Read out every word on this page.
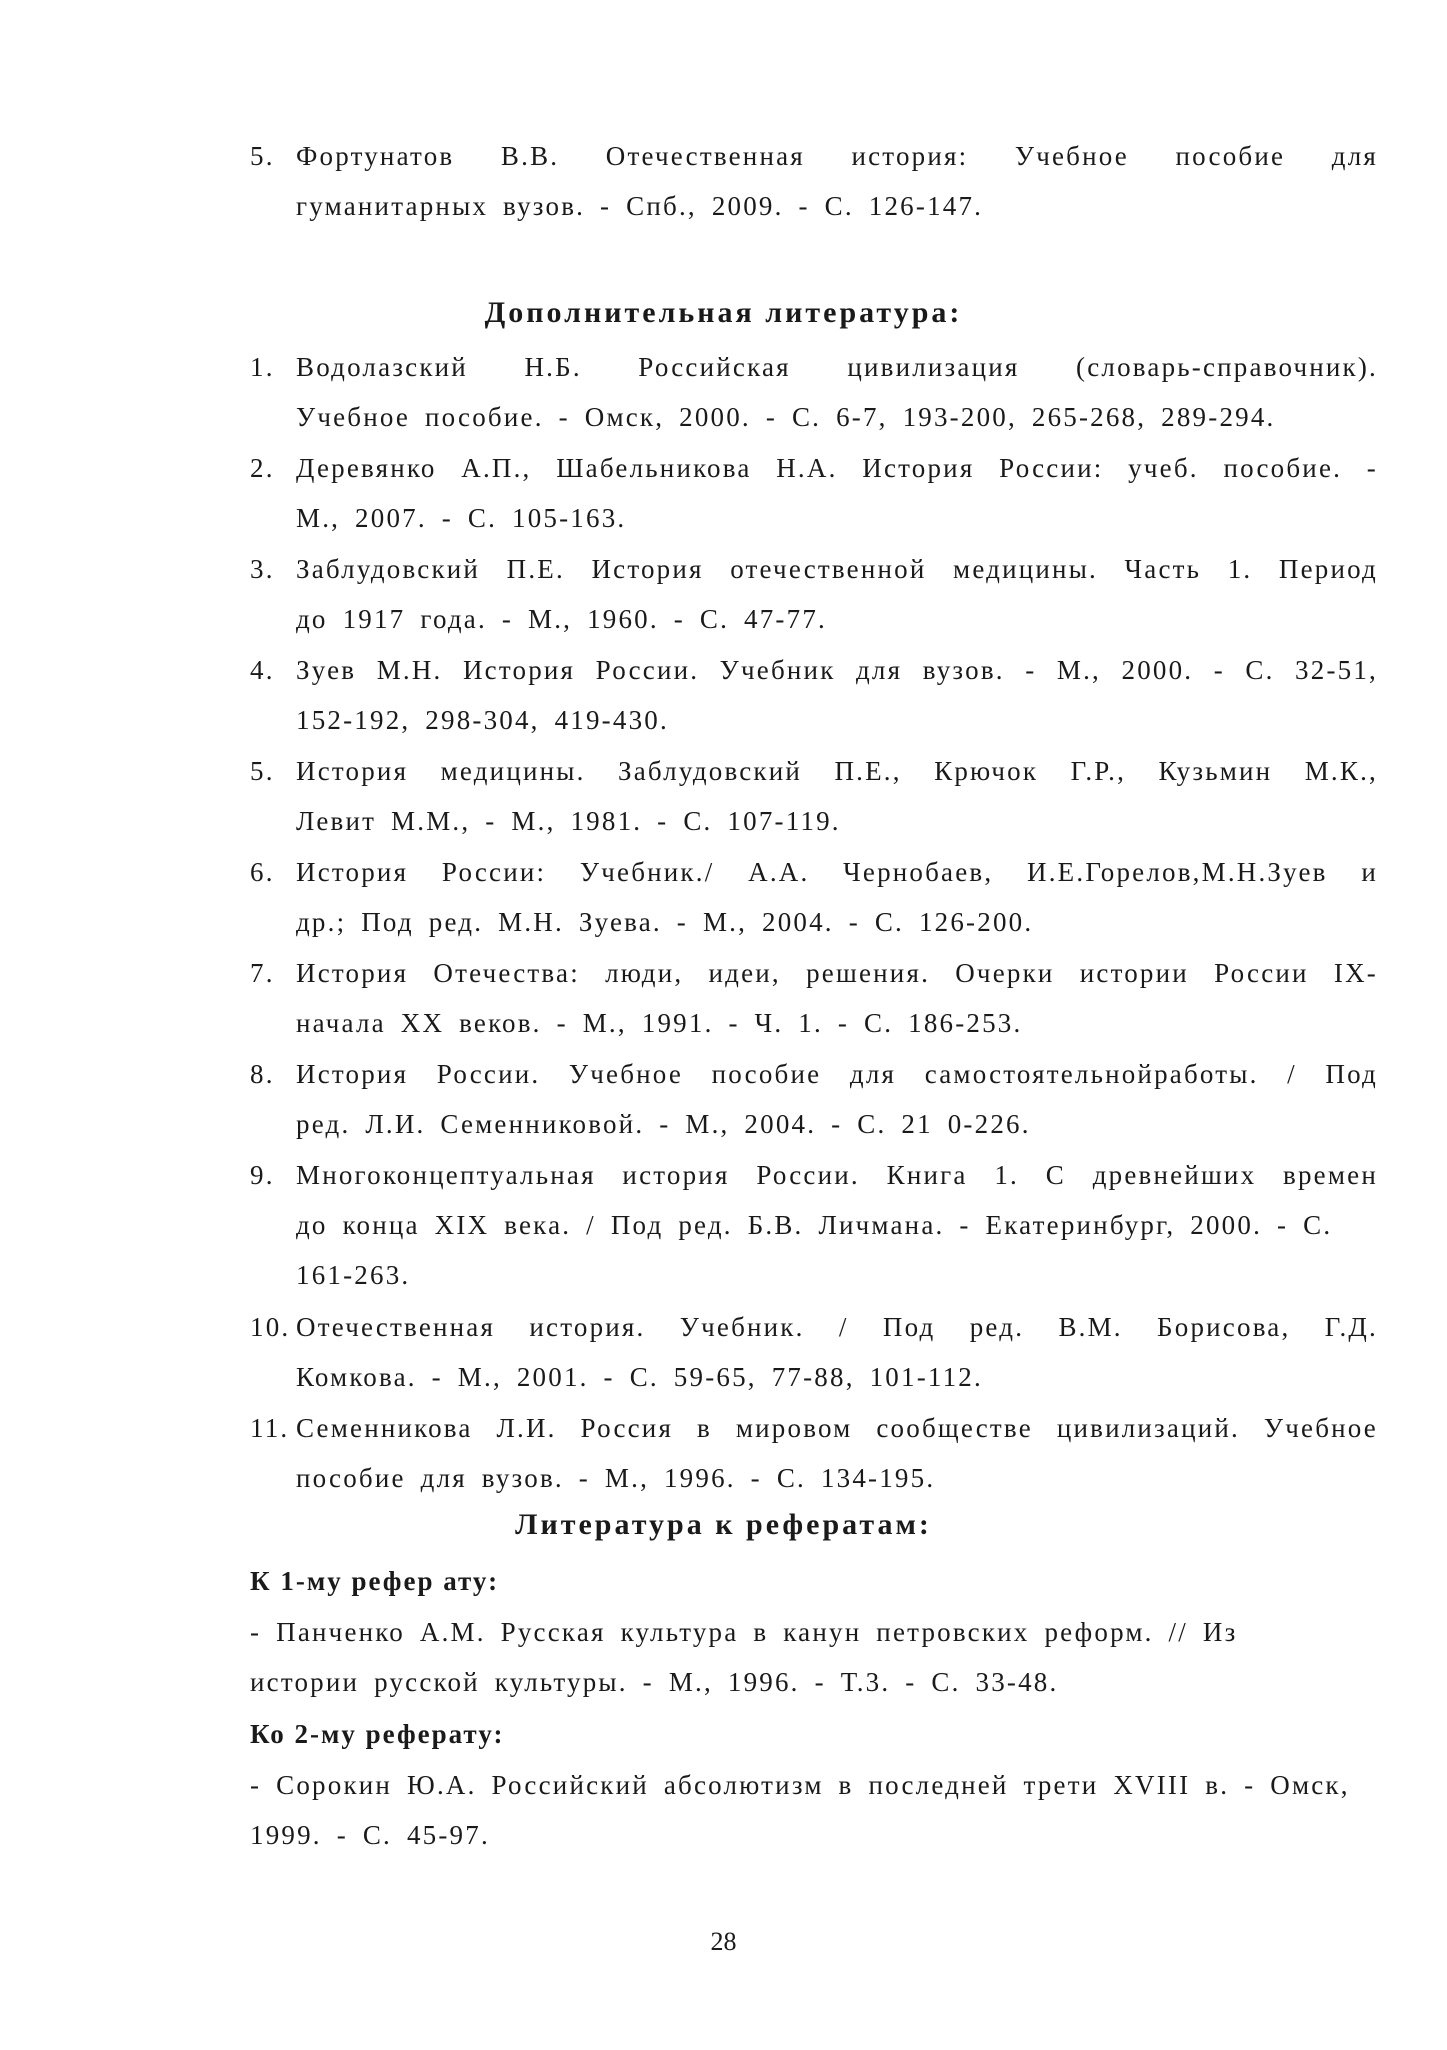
5. Фортунатов В.В. Отечественная история: Учебное пособие для
гуманитарных вузов. - Спб., 2009. - С. 126-147.
Дополнительная литература:
1. Водолазский Н.Б. Российская цивилизация (словарь-справочник).
Учебное пособие. - Омск, 2000. - С. 6-7, 193-200, 265-268, 289-294.
2. Деревянко А.П., Шабельникова Н.А. История России: учеб. пособие. -
М., 2007. - С. 105-163.
3. Заблудовский П.Е. История отечественной медицины. Часть 1. Период
до 1917 года. - М., 1960. - С. 47-77.
4. Зуев М.Н. История России. Учебник для вузов. - М., 2000. - С. 32-51,
152-192, 298-304, 419-430.
5. История медицины. Заблудовский П.Е., Крючок Г.Р., Кузьмин М.К.,
Левит М.М., - М., 1981. - С. 107-119.
6. История России: Учебник./ А.А. Чернобаев, И.Е.Горелов,М.Н.Зуев и
др.; Под ред. М.Н. Зуева. - М., 2004. - С. 126-200.
7. История Отечества: люди, идеи, решения. Очерки истории России IX-
начала XX веков. - М., 1991. - Ч. 1. - С. 186-253.
8. История России. Учебное пособие для самостоятельнойработы. / Под
ред. Л.И. Семенниковой. - М., 2004. - С. 21 0-226.
9. Многоконцептуальная история России. Книга 1. С древнейших времен
до конца XIX века. / Под ред. Б.В. Личмана. - Екатеринбург, 2000. - С.
161-263.
10. Отечественная история. Учебник. / Под ред. В.М. Борисова, Г.Д.
Комкова. - М., 2001. - С. 59-65, 77-88, 101-112.
11. Семенникова Л.И. Россия в мировом сообществе цивилизаций. Учебное
пособие для вузов. - М., 1996. - С. 134-195.
Литература к рефератам:
К 1-му рефер ату:
- Панченко А.М. Русская культура в канун петровских реформ. // Из
истории русской культуры. - М., 1996. - Т.3. - С. 33-48.
Ко 2-му реферату:
- Сорокин Ю.А. Российский абсолютизм в последней трети XVIII в. - Омск,
1999. - С. 45-97.
28
